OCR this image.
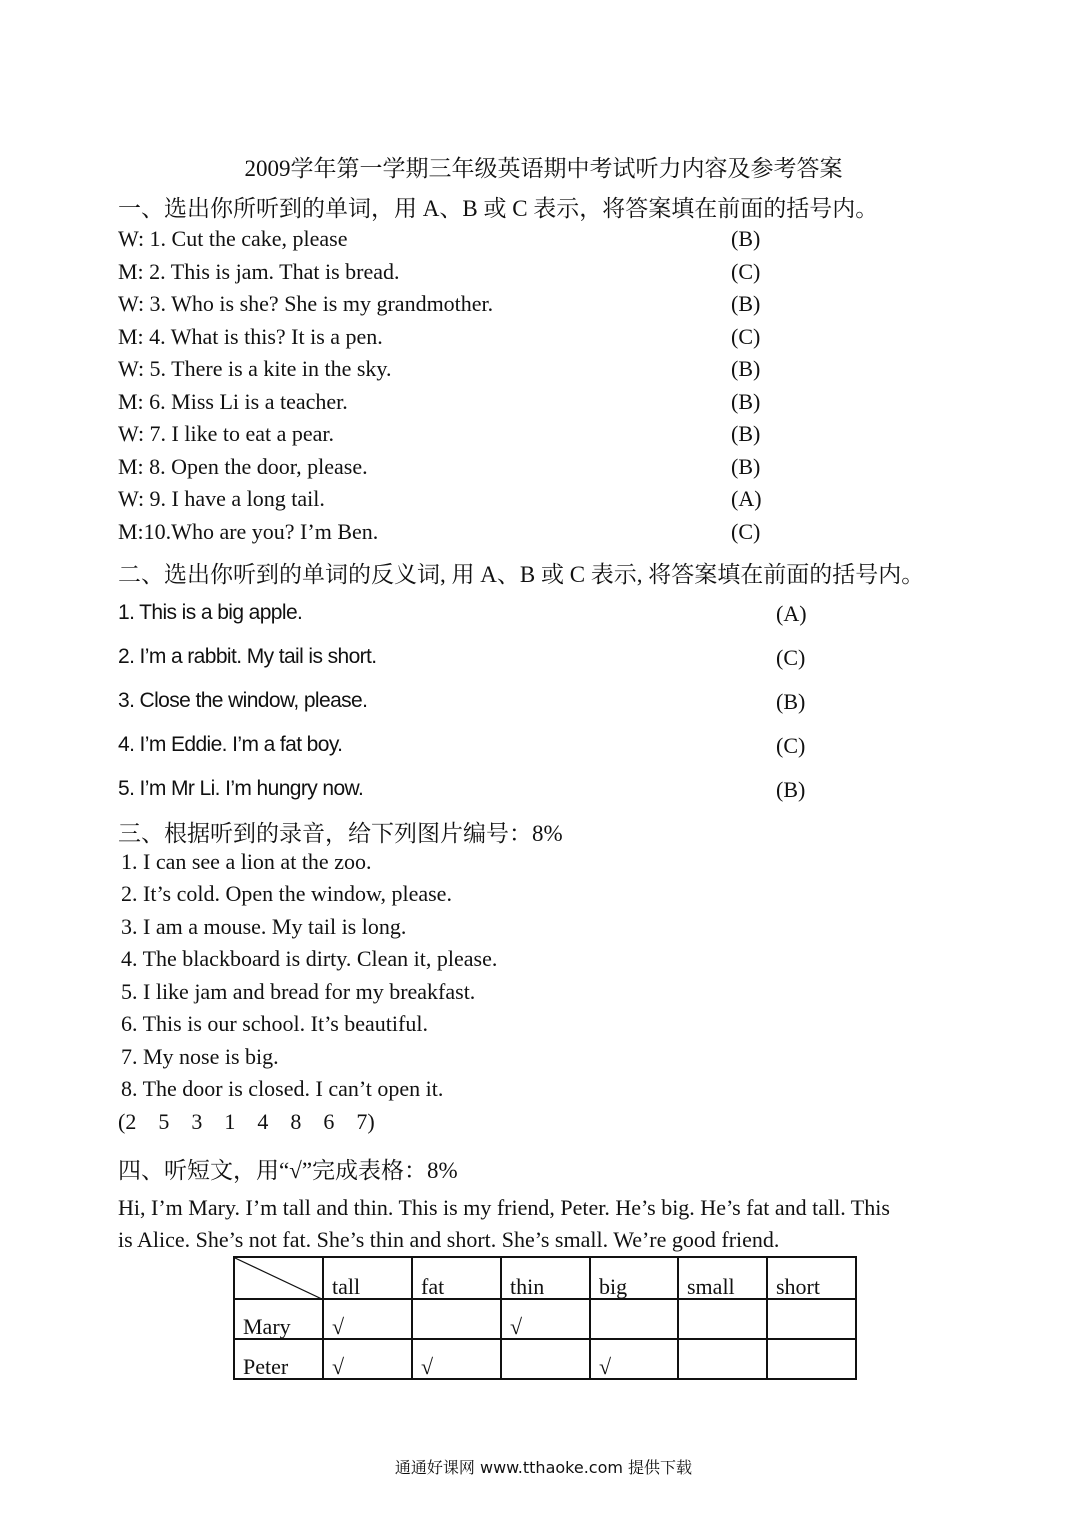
2009学年第一学期三年级英语期中考试听力内容及参考答案
一、选出你所听到的单词，用 A、B 或 C 表示，将答案填在前面的括号内。
W: 1. Cut the cake, please	(B)
M: 2. This is jam. That is bread.	(C)
W: 3. Who is she? She is my grandmother.	(B)
M: 4. What is this? It is a pen.	(C)
W: 5. There is a kite in the sky.	(B)
M: 6. Miss Li is a teacher.	(B)
W: 7. I like to eat a pear.	(B)
M: 8. Open the door, please.	(B)
W: 9. I have a long tail.	(A)
M:10.Who are you? I’m Ben.	(C)
二、选出你听到的单词的反义词, 用 A、B 或 C 表示, 将答案填在前面的括号内。
1. This is a big apple.	(A)
2. I’m a rabbit. My tail is short.	(C)
3. Close the window, please.	(B)
4. I’m Eddie. I’m a fat boy.	(C)
5. I’m Mr Li. I’m hungry now.	(B)
三、根据听到的录音，给下列图片编号：8%
1. I can see a lion at the zoo.
2. It’s cold. Open the window, please.
3. I am a mouse. My tail is long.
4. The blackboard is dirty. Clean it, please.
5. I like jam and bread for my breakfast.
6. This is our school. It’s beautiful.
7. My nose is big.
8. The door is closed. I can’t open it.
(2    5    3    1    4    8    6    7)
四、听短文，用“√”完成表格：8%
Hi, I’m Mary. I’m tall and thin. This is my friend, Peter. He’s big. He’s fat and tall. This
is Alice. She’s not fat. She’s thin and short. She’s small. We’re good friend.
	tall	fat	thin	big	small	short
Mary	√		√			
Peter	√	√		√		
通通好课网 www.tthaoke.com 提供下载
